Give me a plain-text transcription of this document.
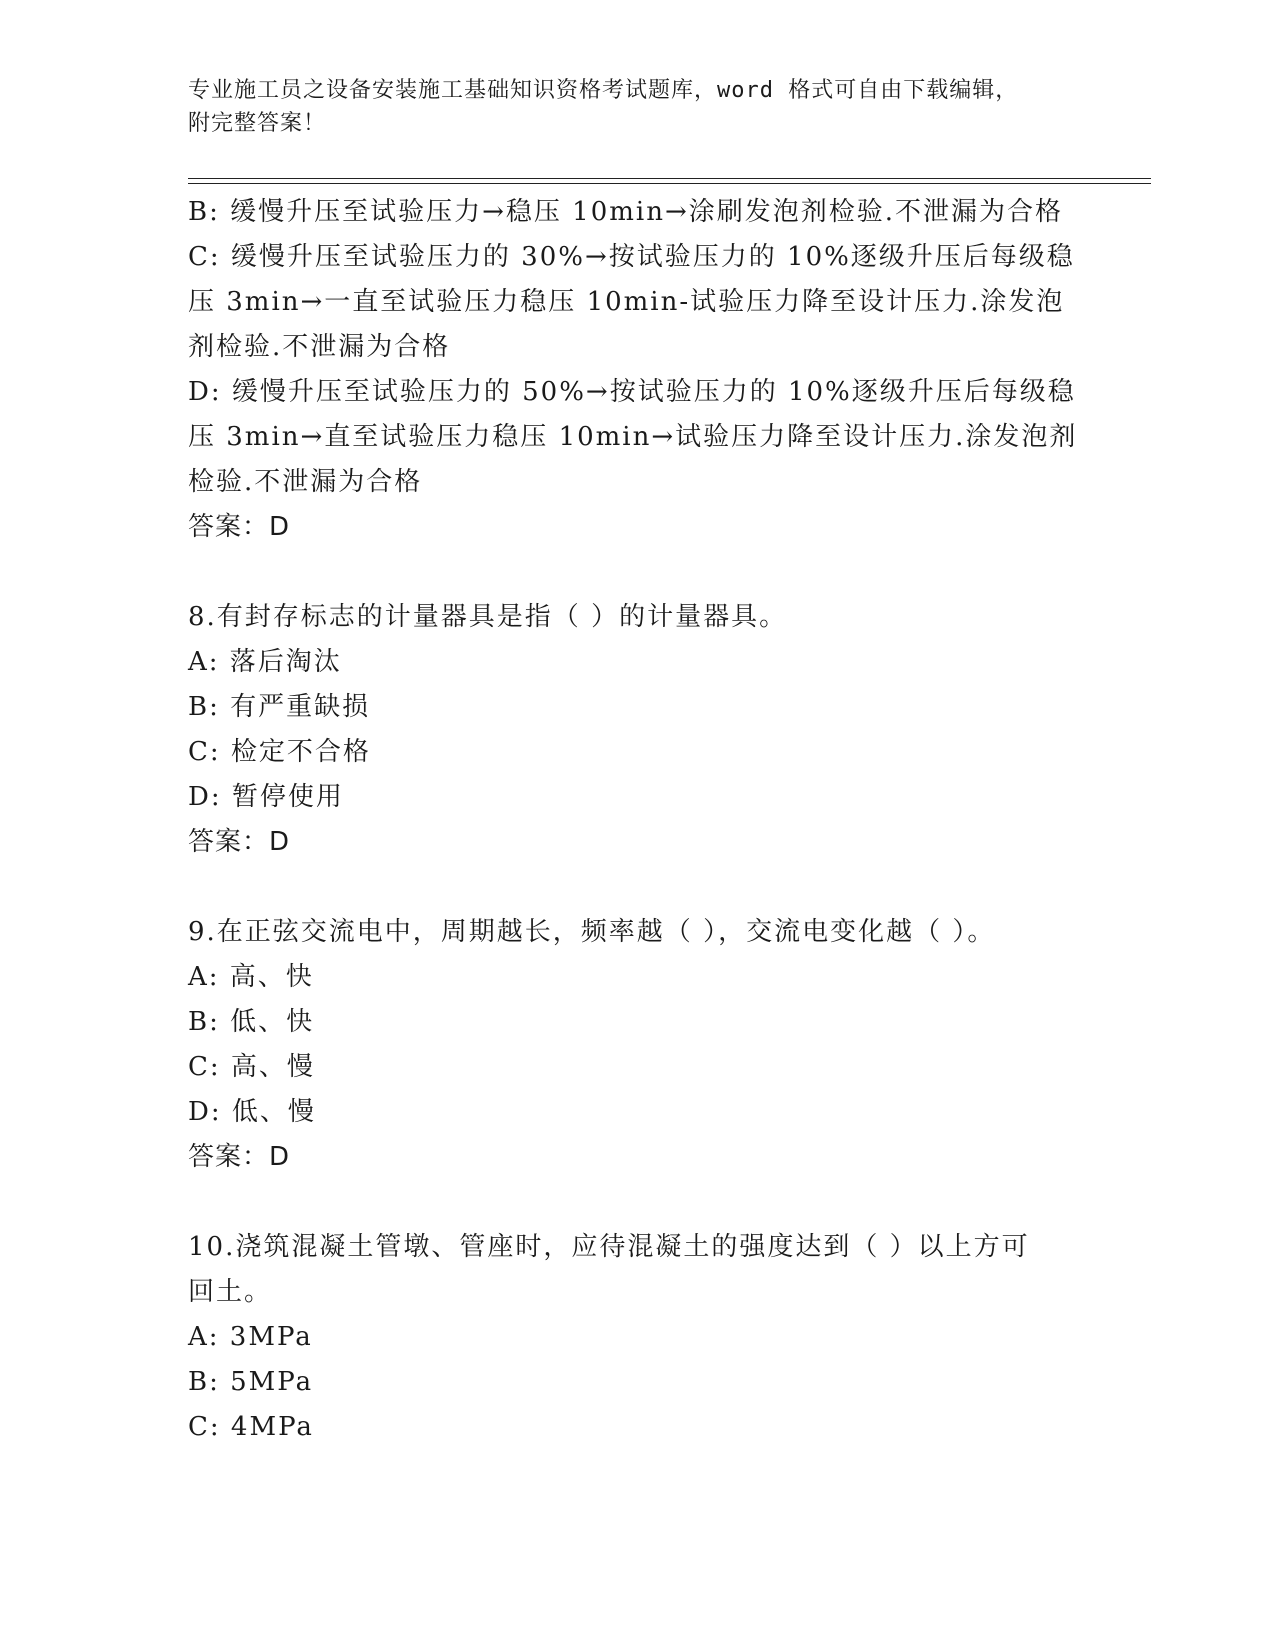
专业施工员之设备安装施工基础知识资格考试题库，word 格式可自由下载编辑，
附完整答案！
B: 缓慢升压至试验压力→稳压 10min→涂刷发泡剂检验.不泄漏为合格
C: 缓慢升压至试验压力的 30%→按试验压力的 10%逐级升压后每级稳
压 3min→一直至试验压力稳压 10min-试验压力降至设计压力.涂发泡
剂检验.不泄漏为合格
D: 缓慢升压至试验压力的 50%→按试验压力的 10%逐级升压后每级稳
压 3min→直至试验压力稳压 10min→试验压力降至设计压力.涂发泡剂
检验.不泄漏为合格
答案：D
8.有封存标志的计量器具是指（ ）的计量器具。
A: 落后淘汰
B: 有严重缺损
C: 检定不合格
D: 暂停使用
答案：D
9.在正弦交流电中，周期越长，频率越（ ），交流电变化越（ ）。
A: 高、快
B: 低、快
C: 高、慢
D: 低、慢
答案：D
10.浇筑混凝土管墩、管座时，应待混凝土的强度达到（ ）以上方可
回土。
A: 3MPa
B: 5MPa
C: 4MPa
